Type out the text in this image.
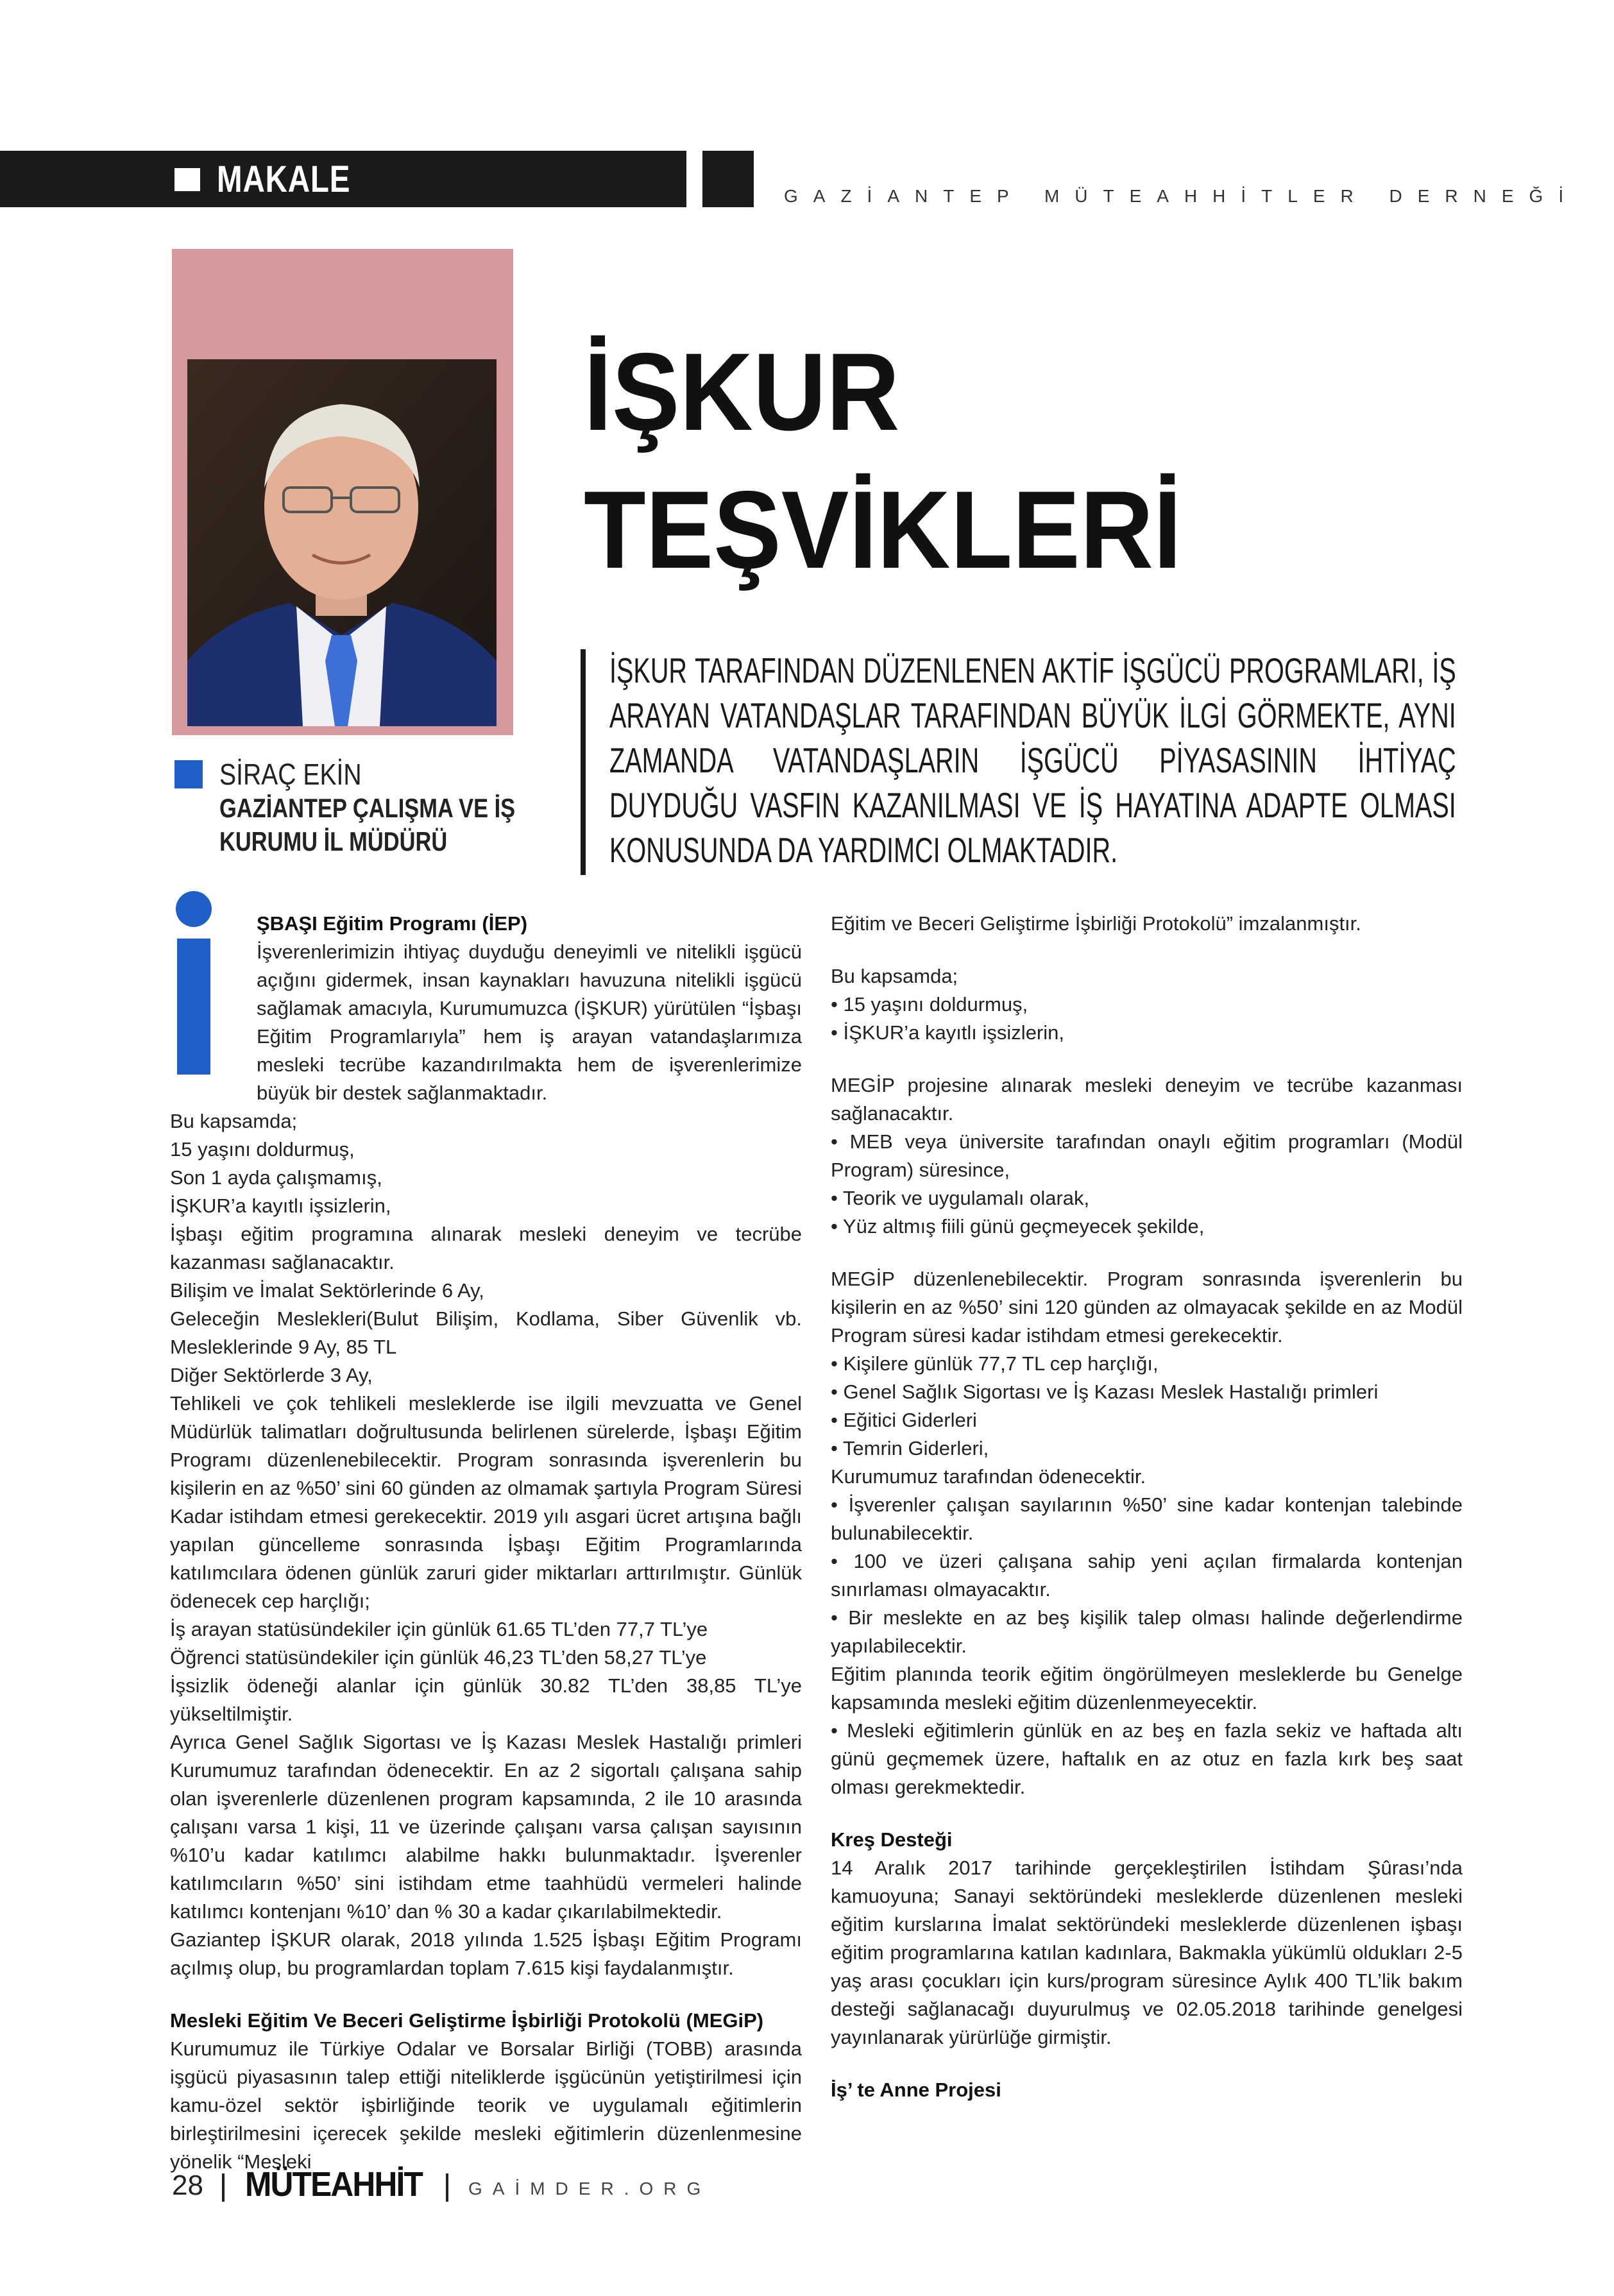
MAKALE	GAZİANTEP MÜTEAHHİTLER DERNEĞİ
SİRAÇ EKİN
GAZİANTEP ÇALIŞMA VE İŞ
KURUMU İL MÜDÜRÜ
İŞKUR
TEŞVİKLERİ
İŞKUR TARAFINDAN DÜZENLENEN AKTİF İŞGÜCÜ PROGRAMLARI, İŞ ARAYAN VATANDAŞLAR TARAFINDAN BÜYÜK İLGİ GÖRMEKTE, AYNI ZAMANDA VATANDAŞLARIN İŞGÜCÜ PİYASASININ İHTİYAÇ DUYDUĞU VASFIN KAZANILMASI VE İŞ HAYATINA ADAPTE OLMASI KONUSUNDA DA YARDIMCI OLMAKTADIR.

ŞBAŞI Eğitim Programı (İEP)

İşverenlerimizin ihtiyaç duyduğu deneyimli ve nitelikli işgücü açığını gidermek, insan kaynakları havuzuna nitelikli işgücü sağlamak amacıyla, Kurumumuzca (İŞKUR) yürütülen “İşbaşı Eğitim Programlarıyla” hem iş arayan vatandaşlarımıza mesleki tecrübe kazandırılmakta hem de işverenlerimize büyük bir destek sağlanmaktadır.

Bu kapsamda;

15 yaşını doldurmuş,

Son 1 ayda çalışmamış,

İŞKUR’a kayıtlı işsizlerin,

İşbaşı eğitim programına alınarak mesleki deneyim ve tecrübe kazanması sağlanacaktır.

Bilişim ve İmalat Sektörlerinde 6 Ay,

Geleceğin Meslekleri(Bulut Bilişim, Kodlama, Siber Güvenlik vb. Mesleklerinde 9 Ay, 85 TL

Diğer Sektörlerde 3 Ay,

Tehlikeli ve çok tehlikeli mesleklerde ise ilgili mevzuatta ve Genel Müdürlük talimatları doğrultusunda belirlenen sürelerde, İşbaşı Eğitim Programı düzenlenebilecektir. Program sonrasında işverenlerin bu kişilerin en az %50’ sini 60 günden az olmamak şartıyla Program Süresi Kadar istihdam etmesi gerekecektir. 2019 yılı asgari ücret artışına bağlı yapılan güncelleme sonrasında İşbaşı Eğitim Programlarında katılımcılara ödenen günlük zaruri gider miktarları arttırılmıştır. Günlük ödenecek cep harçlığı;

İş arayan statüsündekiler için günlük 61.65 TL’den 77,7 TL’ye

Öğrenci statüsündekiler için günlük 46,23 TL’den 58,27 TL’ye

İşsizlik ödeneği alanlar için günlük 30.82 TL’den 38,85 TL’ye yükseltilmiştir.

Ayrıca Genel Sağlık Sigortası ve İş Kazası Meslek Hastalığı primleri Kurumumuz tarafından ödenecektir. En az 2 sigortalı çalışana sahip olan işverenlerle düzenlenen program kapsamında, 2 ile 10 arasında çalışanı varsa 1 kişi, 11 ve üzerinde çalışanı varsa çalışan sayısının %10’u kadar katılımcı alabilme hakkı bulunmaktadır. İşverenler katılımcıların %50’ sini istihdam etme taahhüdü vermeleri halinde katılımcı kontenjanı %10’ dan % 30 a kadar çıkarılabilmektedir.

Gaziantep İŞKUR olarak, 2018 yılında 1.525 İşbaşı Eğitim Programı açılmış olup, bu programlardan toplam 7.615 kişi faydalanmıştır.

Mesleki Eğitim Ve Beceri Geliştirme İşbirliği Protokolü (MEGiP)

Kurumumuz ile Türkiye Odalar ve Borsalar Birliği (TOBB) arasında işgücü piyasasının talep ettiği niteliklerde işgücünün yetiştirilmesi için kamu-özel sektör işbirliğinde teorik ve uygulamalı eğitimlerin birleştirilmesini içerecek şekilde mesleki eğitimlerin düzenlenmesine yönelik “Mesleki

Eğitim ve Beceri Geliştirme İşbirliği Protokolü” imzalanmıştır.

Bu kapsamda;

• 15 yaşını doldurmuş,

• İŞKUR’a kayıtlı işsizlerin,

MEGİP projesine alınarak mesleki deneyim ve tecrübe kazanması sağlanacaktır.

• MEB veya üniversite tarafından onaylı eğitim programları (Modül Program) süresince,

• Teorik ve uygulamalı olarak,

• Yüz altmış fiili günü geçmeyecek şekilde,

MEGİP düzenlenebilecektir. Program sonrasında işverenlerin bu kişilerin en az %50’ sini 120 günden az olmayacak şekilde en az Modül Program süresi kadar istihdam etmesi gerekecektir.

• Kişilere günlük 77,7 TL cep harçlığı,

• Genel Sağlık Sigortası ve İş Kazası Meslek Hastalığı primleri

• Eğitici Giderleri

• Temrin Giderleri,

Kurumumuz tarafından ödenecektir.

• İşverenler çalışan sayılarının %50’ sine kadar kontenjan talebinde bulunabilecektir.

• 100 ve üzeri çalışana sahip yeni açılan firmalarda kontenjan sınırlaması olmayacaktır.

• Bir meslekte en az beş kişilik talep olması halinde değerlendirme yapılabilecektir.

Eğitim planında teorik eğitim öngörülmeyen mesleklerde bu Genelge kapsamında mesleki eğitim düzenlenmeyecektir.

• Mesleki eğitimlerin günlük en az beş en fazla sekiz ve haftada altı günü geçmemek üzere, haftalık en az otuz en fazla kırk beş saat olması gerekmektedir.

Kreş Desteği

14 Aralık 2017 tarihinde gerçekleştirilen İstihdam Şûrası’nda kamuoyuna; Sanayi sektöründeki mesleklerde düzenlenen mesleki eğitim kurslarına İmalat sektöründeki mesleklerde düzenlenen işbaşı eğitim programlarına katılan kadınlara, Bakmakla yükümlü oldukları 2-5 yaş arası çocukları için kurs/program süresince Aylık 400 TL’lik bakım desteği sağlanacağı duyurulmuş ve 02.05.2018 tarihinde genelgesi yayınlanarak yürürlüğe girmiştir.

İş’ te Anne Projesi

28 MÜTEAHHİT	GAİMDER.ORG
